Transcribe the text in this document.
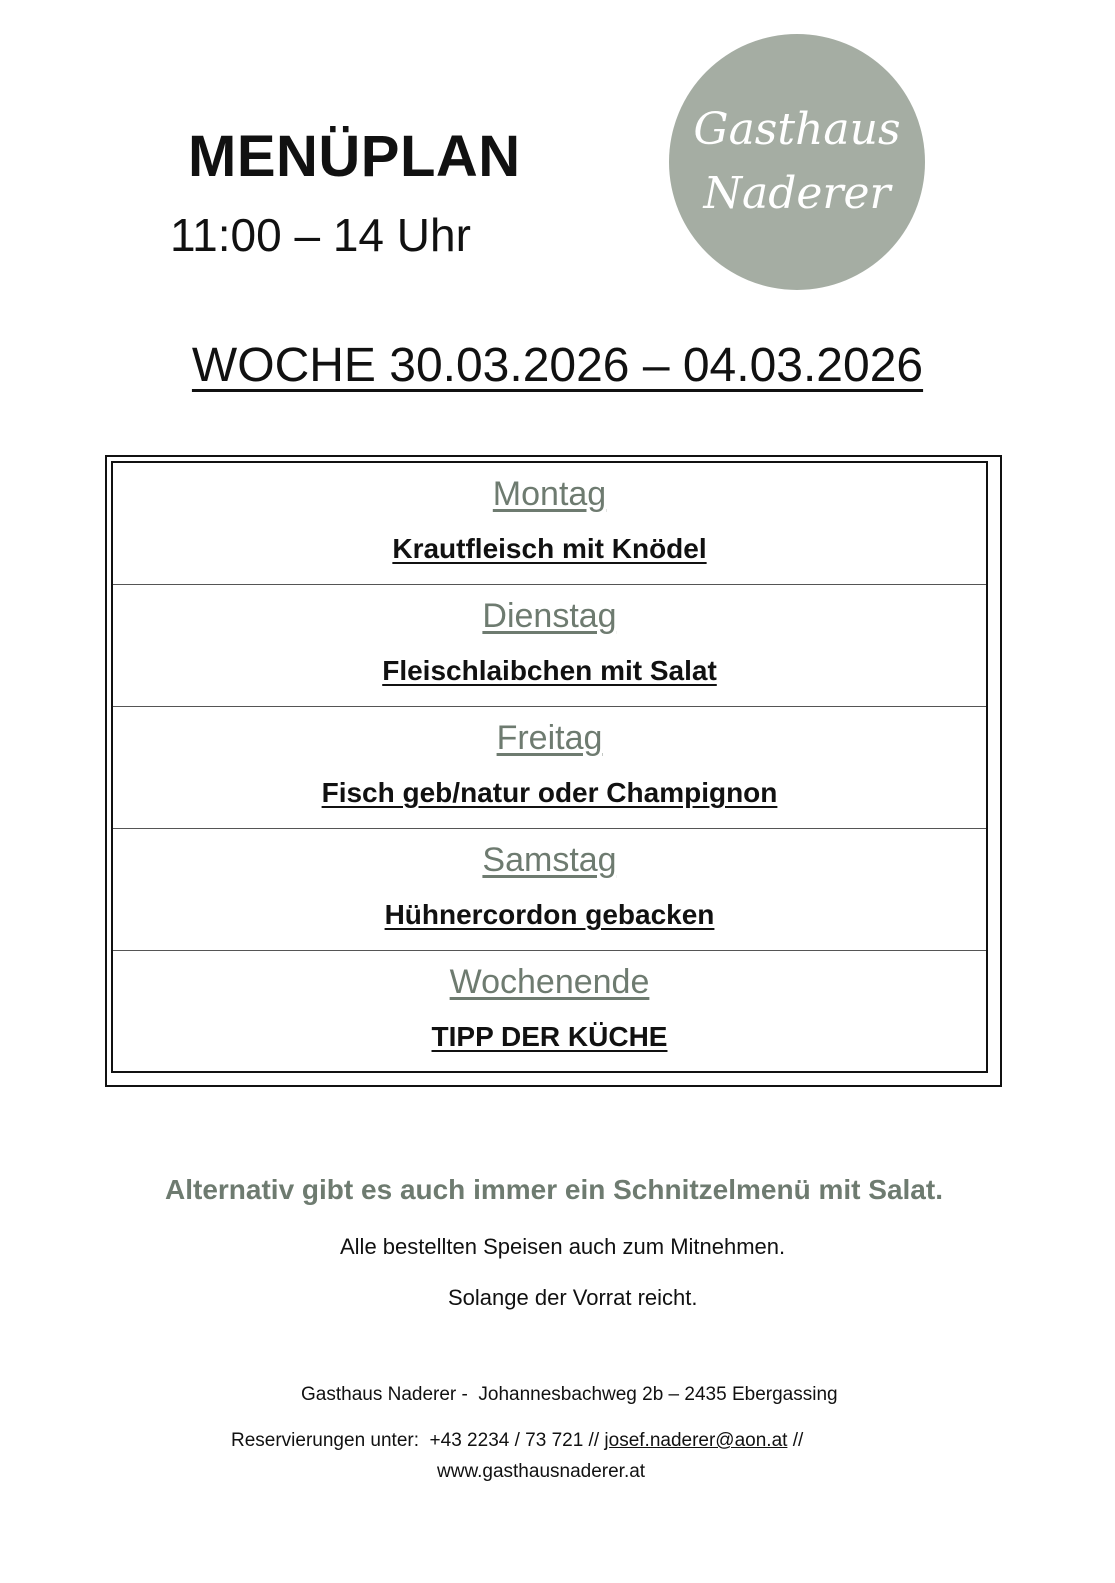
MENÜPLAN
11:00 – 14 Uhr
Gasthaus
Naderer
WOCHE 30.03.2026 – 04.03.2026
Montag
Krautfleisch mit Knödel
Dienstag
Fleischlaibchen mit Salat
Freitag
Fisch geb/natur oder Champignon
Samstag
Hühnercordon gebacken
Wochenende
TIPP DER KÜCHE
Alternativ gibt es auch immer ein Schnitzelmenü mit Salat.
Alle bestellten Speisen auch zum Mitnehmen.
Solange der Vorrat reicht.
Gasthaus Naderer -  Johannesbachweg 2b – 2435 Ebergassing
Reservierungen unter:  +43 2234 / 73 721 // josef.naderer@aon.at //
www.gasthausnaderer.at
